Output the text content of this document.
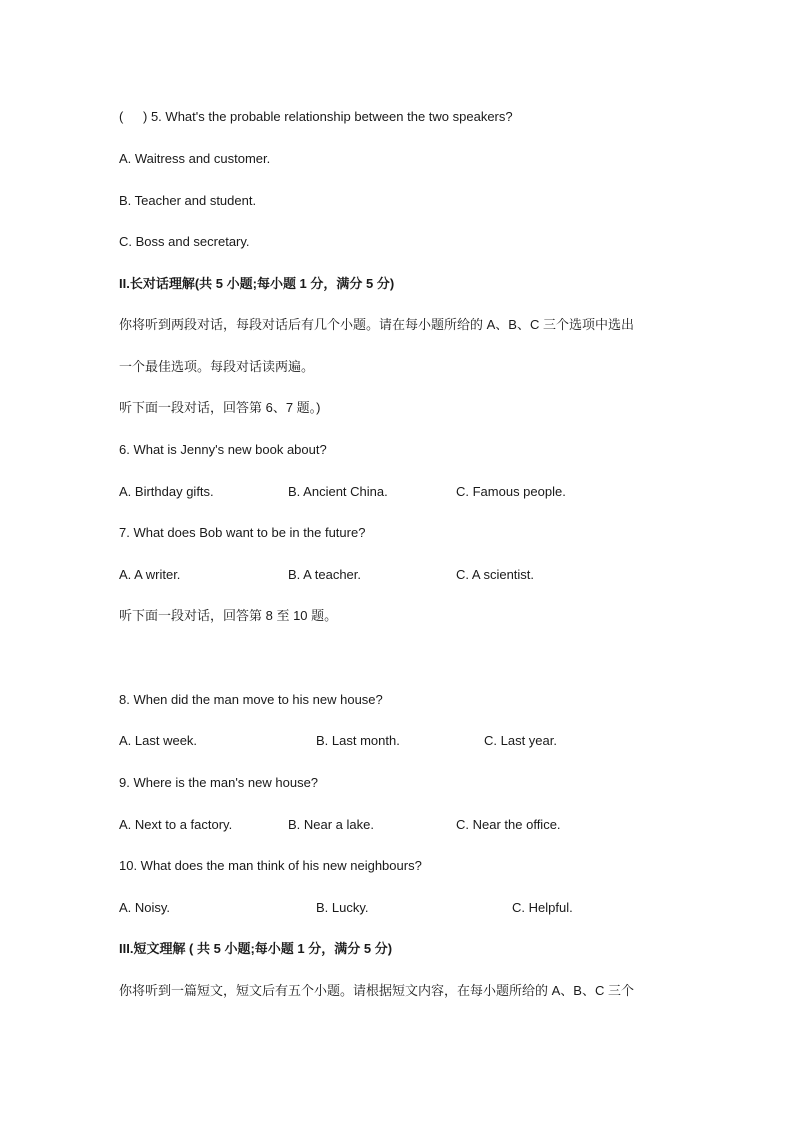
( ) 5. What's the probable relationship between the two speakers?
A. Waitress and customer.
B. Teacher and student.
C. Boss and secretary.
II.长对话理解(共 5 小题;每小题 1 分，满分 5 分)
你将听到两段对话，每段对话后有几个小题。请在每小题所给的 A、B、C 三个选项中选出
一个最佳选项。每段对话读两遍。
听下面一段对话，回答第 6、7 题。)
6. What is Jenny's new book about?
A. Birthday gifts.	B. Ancient China.	C. Famous people.
7. What does Bob want to be in the future?
A. A writer.	B. A teacher.	C. A scientist.
听下面一段对话，回答第 8 至 10 题。
8. When did the man move to his new house?
A. Last week.	B. Last month.	C. Last year.
9. Where is the man's new house?
A. Next to a factory.	B. Near a lake.	C. Near the office.
10. What does the man think of his new neighbours?
A. Noisy.	B. Lucky.	C. Helpful.
III.短文理解 ( 共 5 小题;每小题 1 分，满分 5 分)
你将听到一篇短文，短文后有五个小题。请根据短文内容，在每小题所给的 A、B、C 三个
